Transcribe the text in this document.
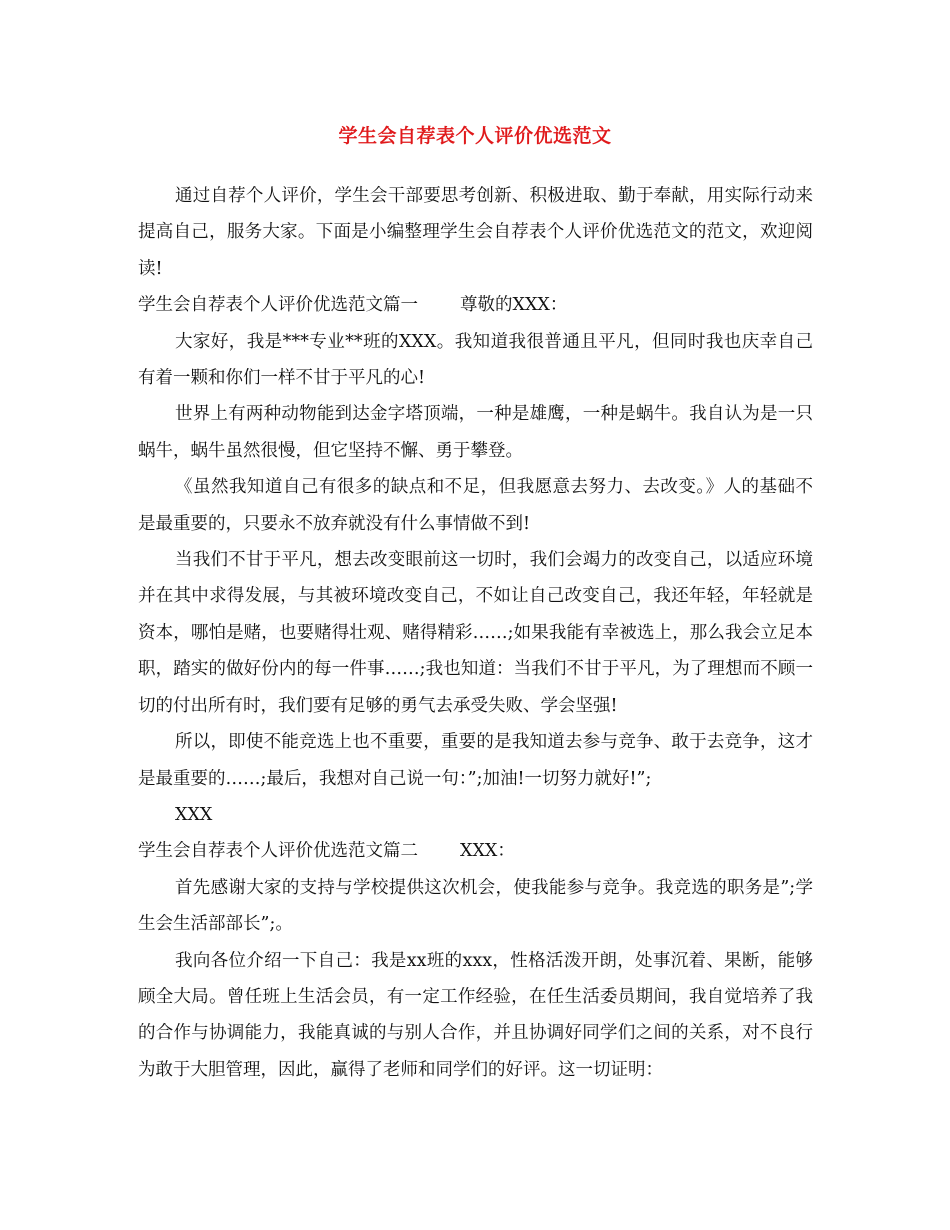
学生会自荐表个人评价优选范文

通过自荐个人评价，学生会干部要思考创新、积极进取、勤于奉献，用实际行动来提高自己，服务大家。下面是小编整理学生会自荐表个人评价优选范文的范文，欢迎阅读!

学生会自荐表个人评价优选范文篇一 尊敬的XXX：

大家好，我是***专业**班的XXX。我知道我很普通且平凡，但同时我也庆幸自己有着一颗和你们一样不甘于平凡的心!

世界上有两种动物能到达金字塔顶端，一种是雄鹰，一种是蜗牛。我自认为是一只蜗牛，蜗牛虽然很慢，但它坚持不懈、勇于攀登。

《虽然我知道自己有很多的缺点和不足，但我愿意去努力、去改变。》人的基础不是最重要的，只要永不放弃就没有什么事情做不到!

当我们不甘于平凡，想去改变眼前这一切时，我们会竭力的改变自己，以适应环境并在其中求得发展，与其被环境改变自己，不如让自己改变自己，我还年轻，年轻就是资本，哪怕是赌，也要赌得壮观、赌得精彩……;如果我能有幸被选上，那么我会立足本职，踏实的做好份内的每一件事……;我也知道：当我们不甘于平凡，为了理想而不顾一切的付出所有时，我们要有足够的勇气去承受失败、学会坚强!

所以，即使不能竞选上也不重要，重要的是我知道去参与竞争、敢于去竞争，这才是最重要的……;最后，我想对自己说一句：”;加油!一切努力就好!”;

XXX

学生会自荐表个人评价优选范文篇二 XXX：

首先感谢大家的支持与学校提供这次机会，使我能参与竞争。我竞选的职务是”;学生会生活部部长”;。

我向各位介绍一下自己：我是xx班的xxx，性格活泼开朗，处事沉着、果断，能够顾全大局。曾任班上生活会员，有一定工作经验，在任生活委员期间，我自觉培养了我的合作与协调能力，我能真诚的与别人合作，并且协调好同学们之间的关系，对不良行为敢于大胆管理，因此，赢得了老师和同学们的好评。这一切证明：
